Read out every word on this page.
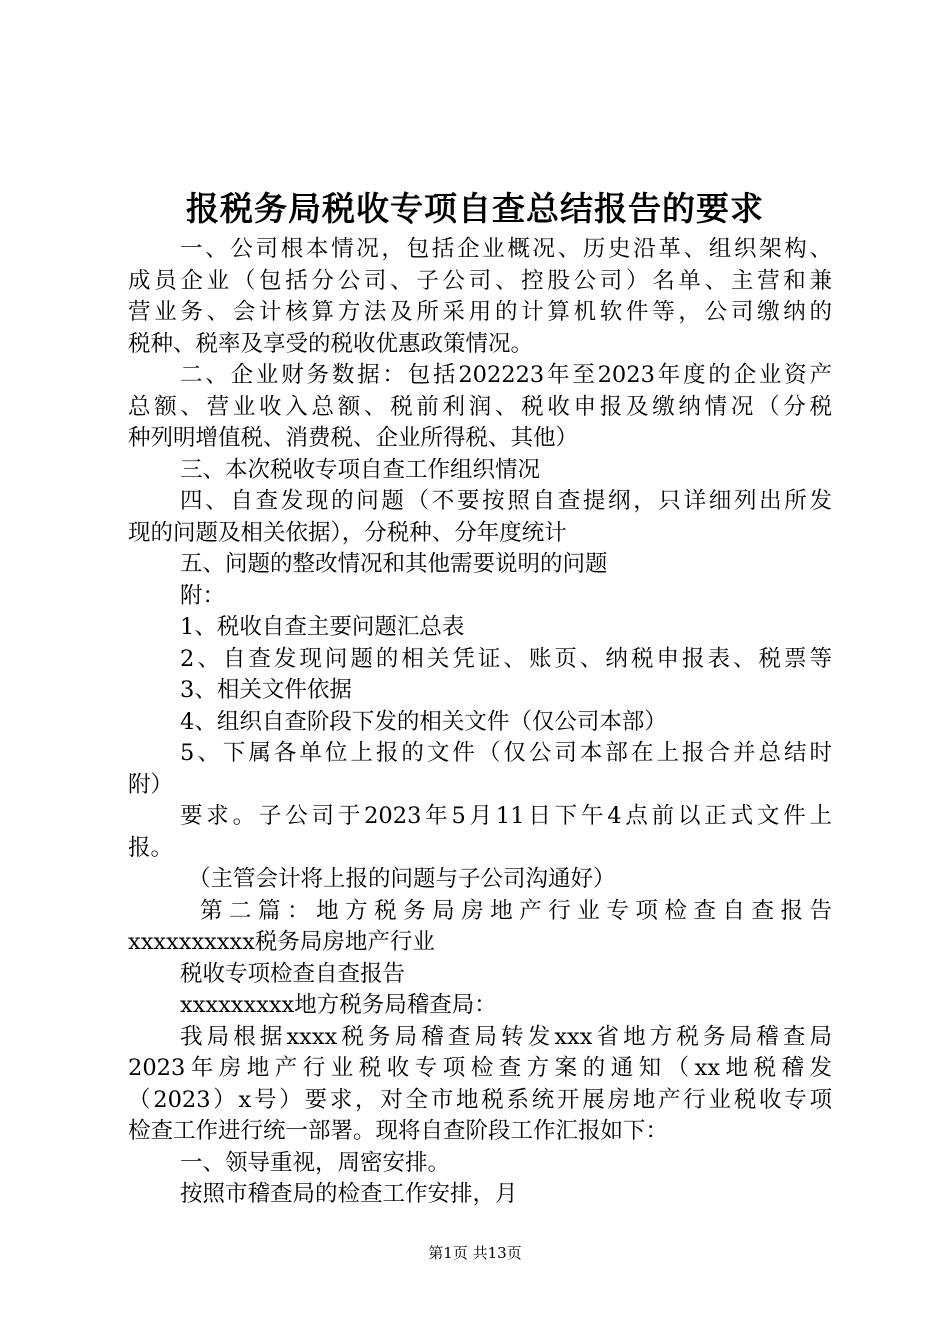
报税务局税收专项自查总结报告的要求
一、公司根本情况，包括企业概况、历史沿革、组织架构、
成员企业（包括分公司、子公司、控股公司）名单、主营和兼
营业务、会计核算方法及所采用的计算机软件等，公司缴纳的
税种、税率及享受的税收优惠政策情况。
二、企业财务数据：包括202223年至2023年度的企业资产
总额、营业收入总额、税前利润、税收申报及缴纳情况（分税
种列明增值税、消费税、企业所得税、其他）
三、本次税收专项自查工作组织情况
四、自查发现的问题（不要按照自查提纲，只详细列出所发
现的问题及相关依据），分税种、分年度统计
五、问题的整改情况和其他需要说明的问题
附：
1、税收自查主要问题汇总表
2、自查发现问题的相关凭证、账页、纳税申报表、税票等
3、相关文件依据
4、组织自查阶段下发的相关文件（仅公司本部）
5、下属各单位上报的文件（仅公司本部在上报合并总结时
附）
要求。子公司于2023年5月11日下午4点前以正式文件上
报。
（主管会计将上报的问题与子公司沟通好）
第二篇：地方税务局房地产行业专项检查自查报告
xxxxxxxxxx税务局房地产行业
税收专项检查自查报告
xxxxxxxxx地方税务局稽查局：
我局根据xxxx税务局稽查局转发xxx省地方税务局稽查局
2023年房地产行业税收专项检查方案的通知（xx地税稽发
（2023）x号）要求，对全市地税系统开展房地产行业税收专项
检查工作进行统一部署。现将自查阶段工作汇报如下：
一、领导重视，周密安排。
按照市稽查局的检查工作安排，月
第1页 共13页
